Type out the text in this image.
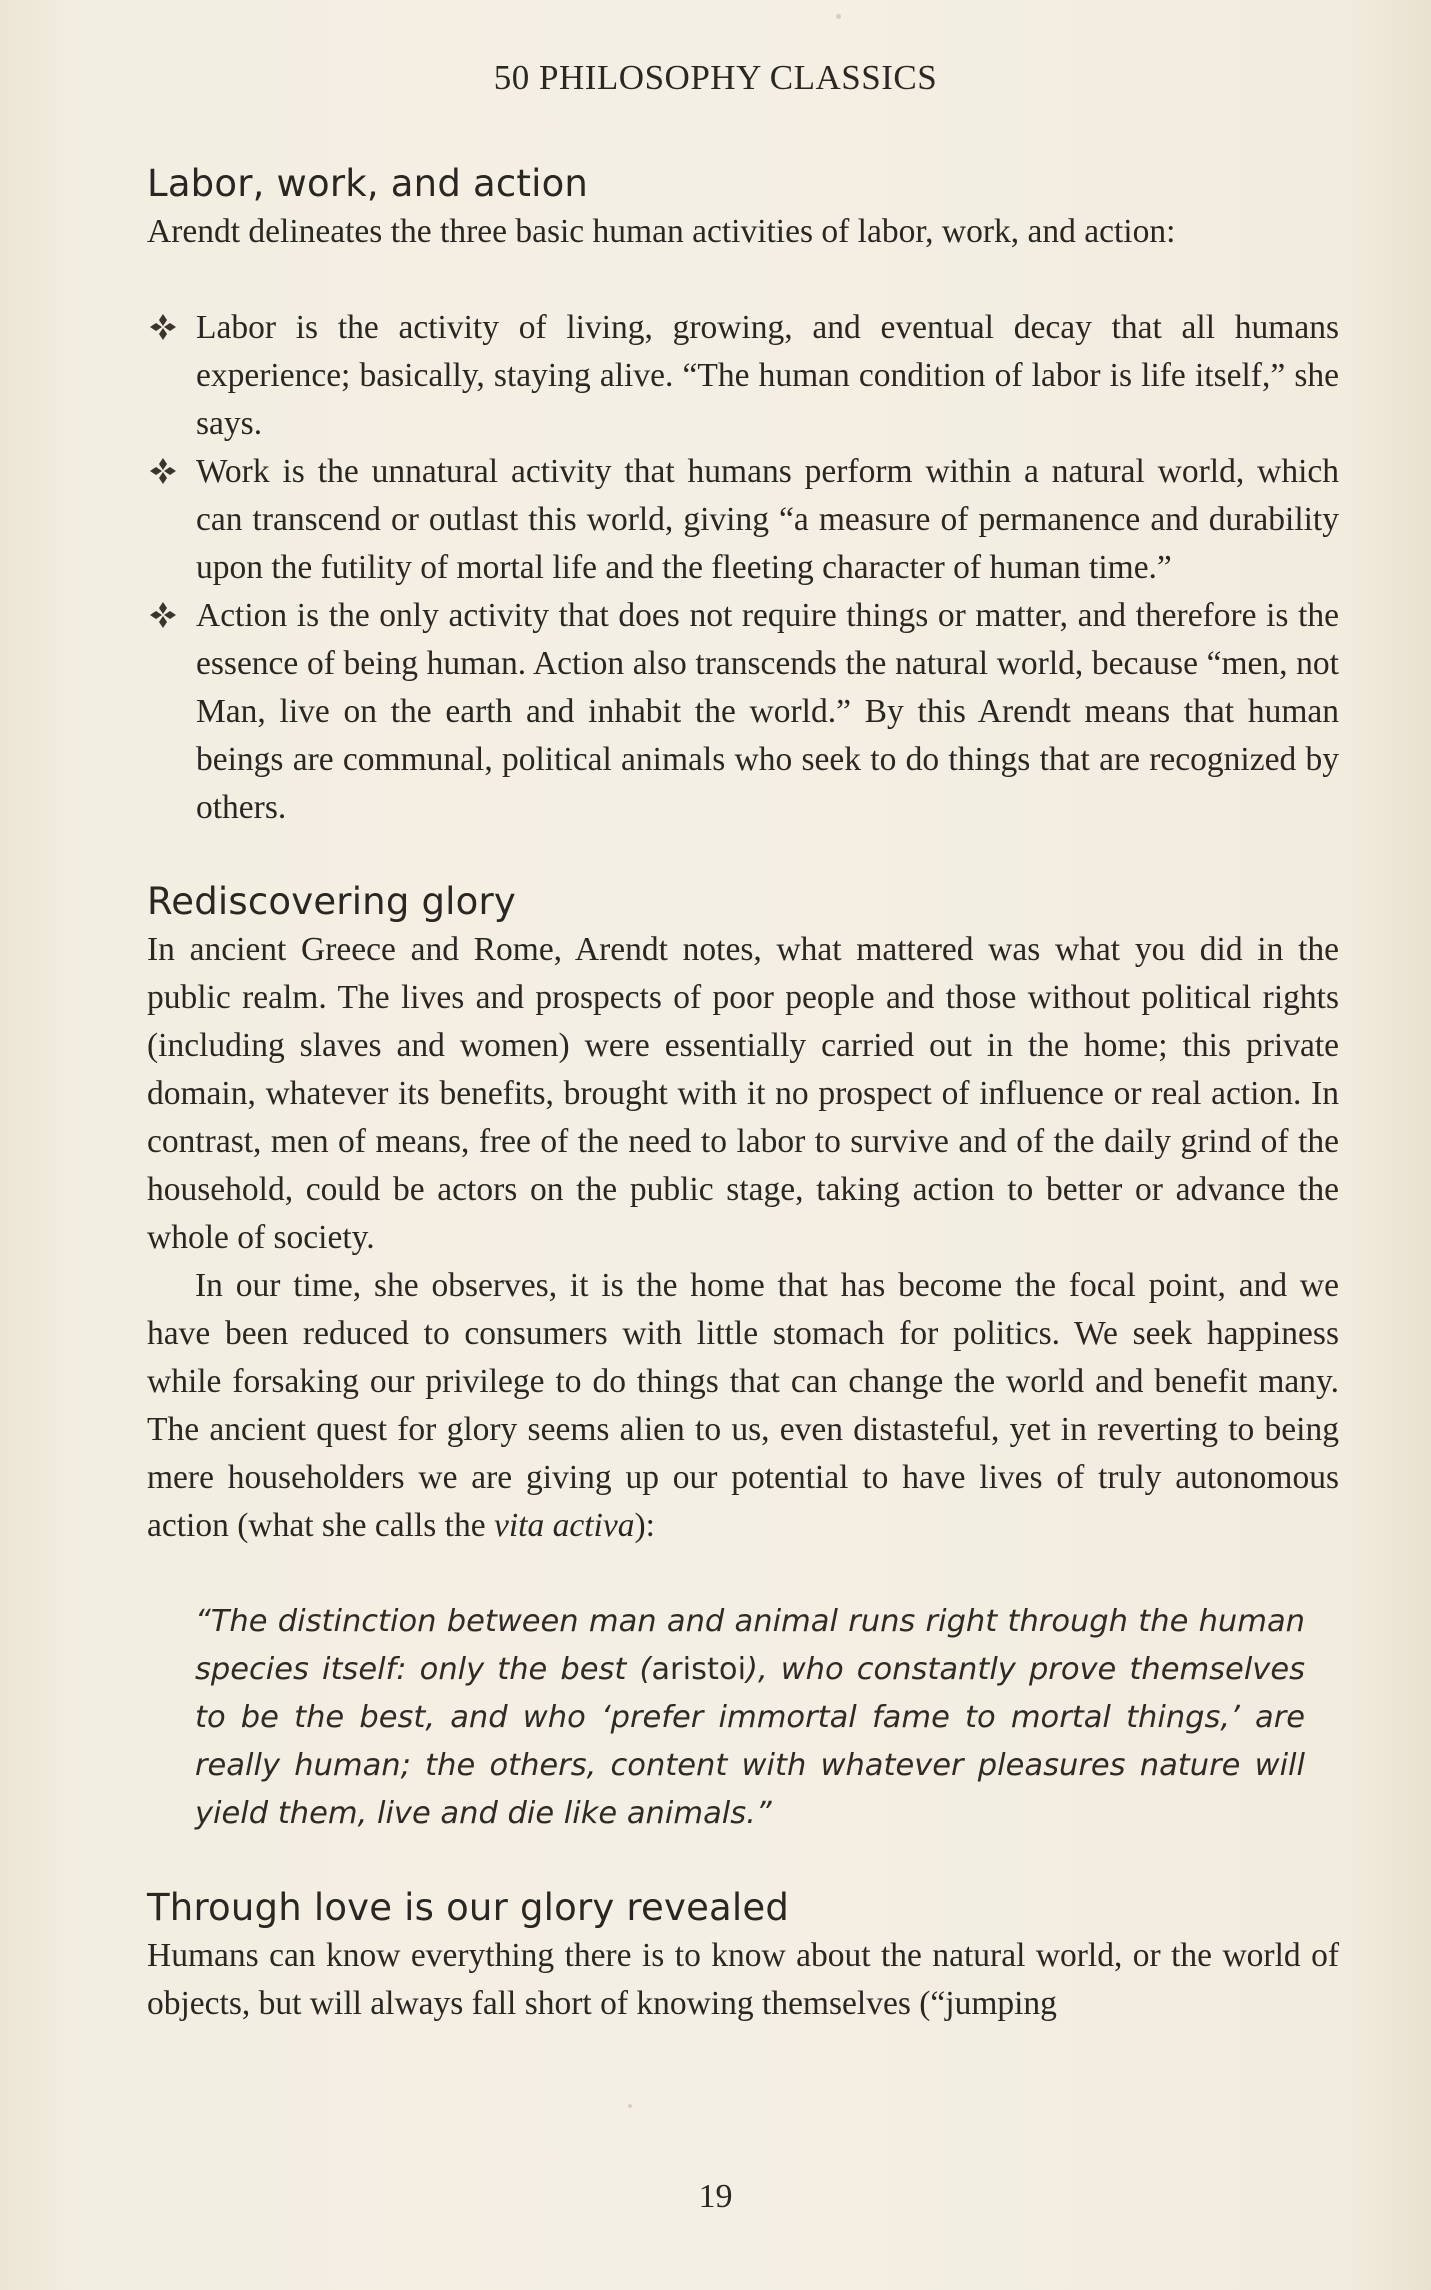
50 PHILOSOPHY CLASSICS
Labor, work, and action

Arendt delineates the three basic human activities of labor, work, and action:

Labor is the activity of living, growing, and eventual decay that all humans experience; basically, staying alive. “The human condition of labor is life itself,” she says.
Work is the unnatural activity that humans perform within a natural world, which can transcend or outlast this world, giving “a measure of permanence and durability upon the futility of mortal life and the fleeting character of human time.”
Action is the only activity that does not require things or matter, and therefore is the essence of being human. Action also transcends the natural world, because “men, not Man, live on the earth and inhabit the world.” By this Arendt means that human beings are communal, political animals who seek to do things that are recognized by others.
Rediscovering glory

In ancient Greece and Rome, Arendt notes, what mattered was what you did in the public realm. The lives and prospects of poor people and those without political rights (including slaves and women) were essentially carried out in the home; this private domain, whatever its benefits, brought with it no prospect of influence or real action. In contrast, men of means, free of the need to labor to survive and of the daily grind of the household, could be actors on the public stage, taking action to better or advance the whole of society.

In our time, she observes, it is the home that has become the focal point, and we have been reduced to consumers with little stomach for politics. We seek happiness while forsaking our privilege to do things that can change the world and benefit many. The ancient quest for glory seems alien to us, even distasteful, yet in reverting to being mere householders we are giving up our potential to have lives of truly autonomous action (what she calls the vita activa):

“The distinction between man and animal runs right through the human species itself: only the best (aristoi), who constantly prove themselves to be the best, and who ‘prefer immortal fame to mortal things,’ are really human; the others, content with whatever pleasures nature will yield them, live and die like animals.”

Through love is our glory revealed

Humans can know everything there is to know about the natural world, or the world of objects, but will always fall short of knowing themselves (“jumping

19
